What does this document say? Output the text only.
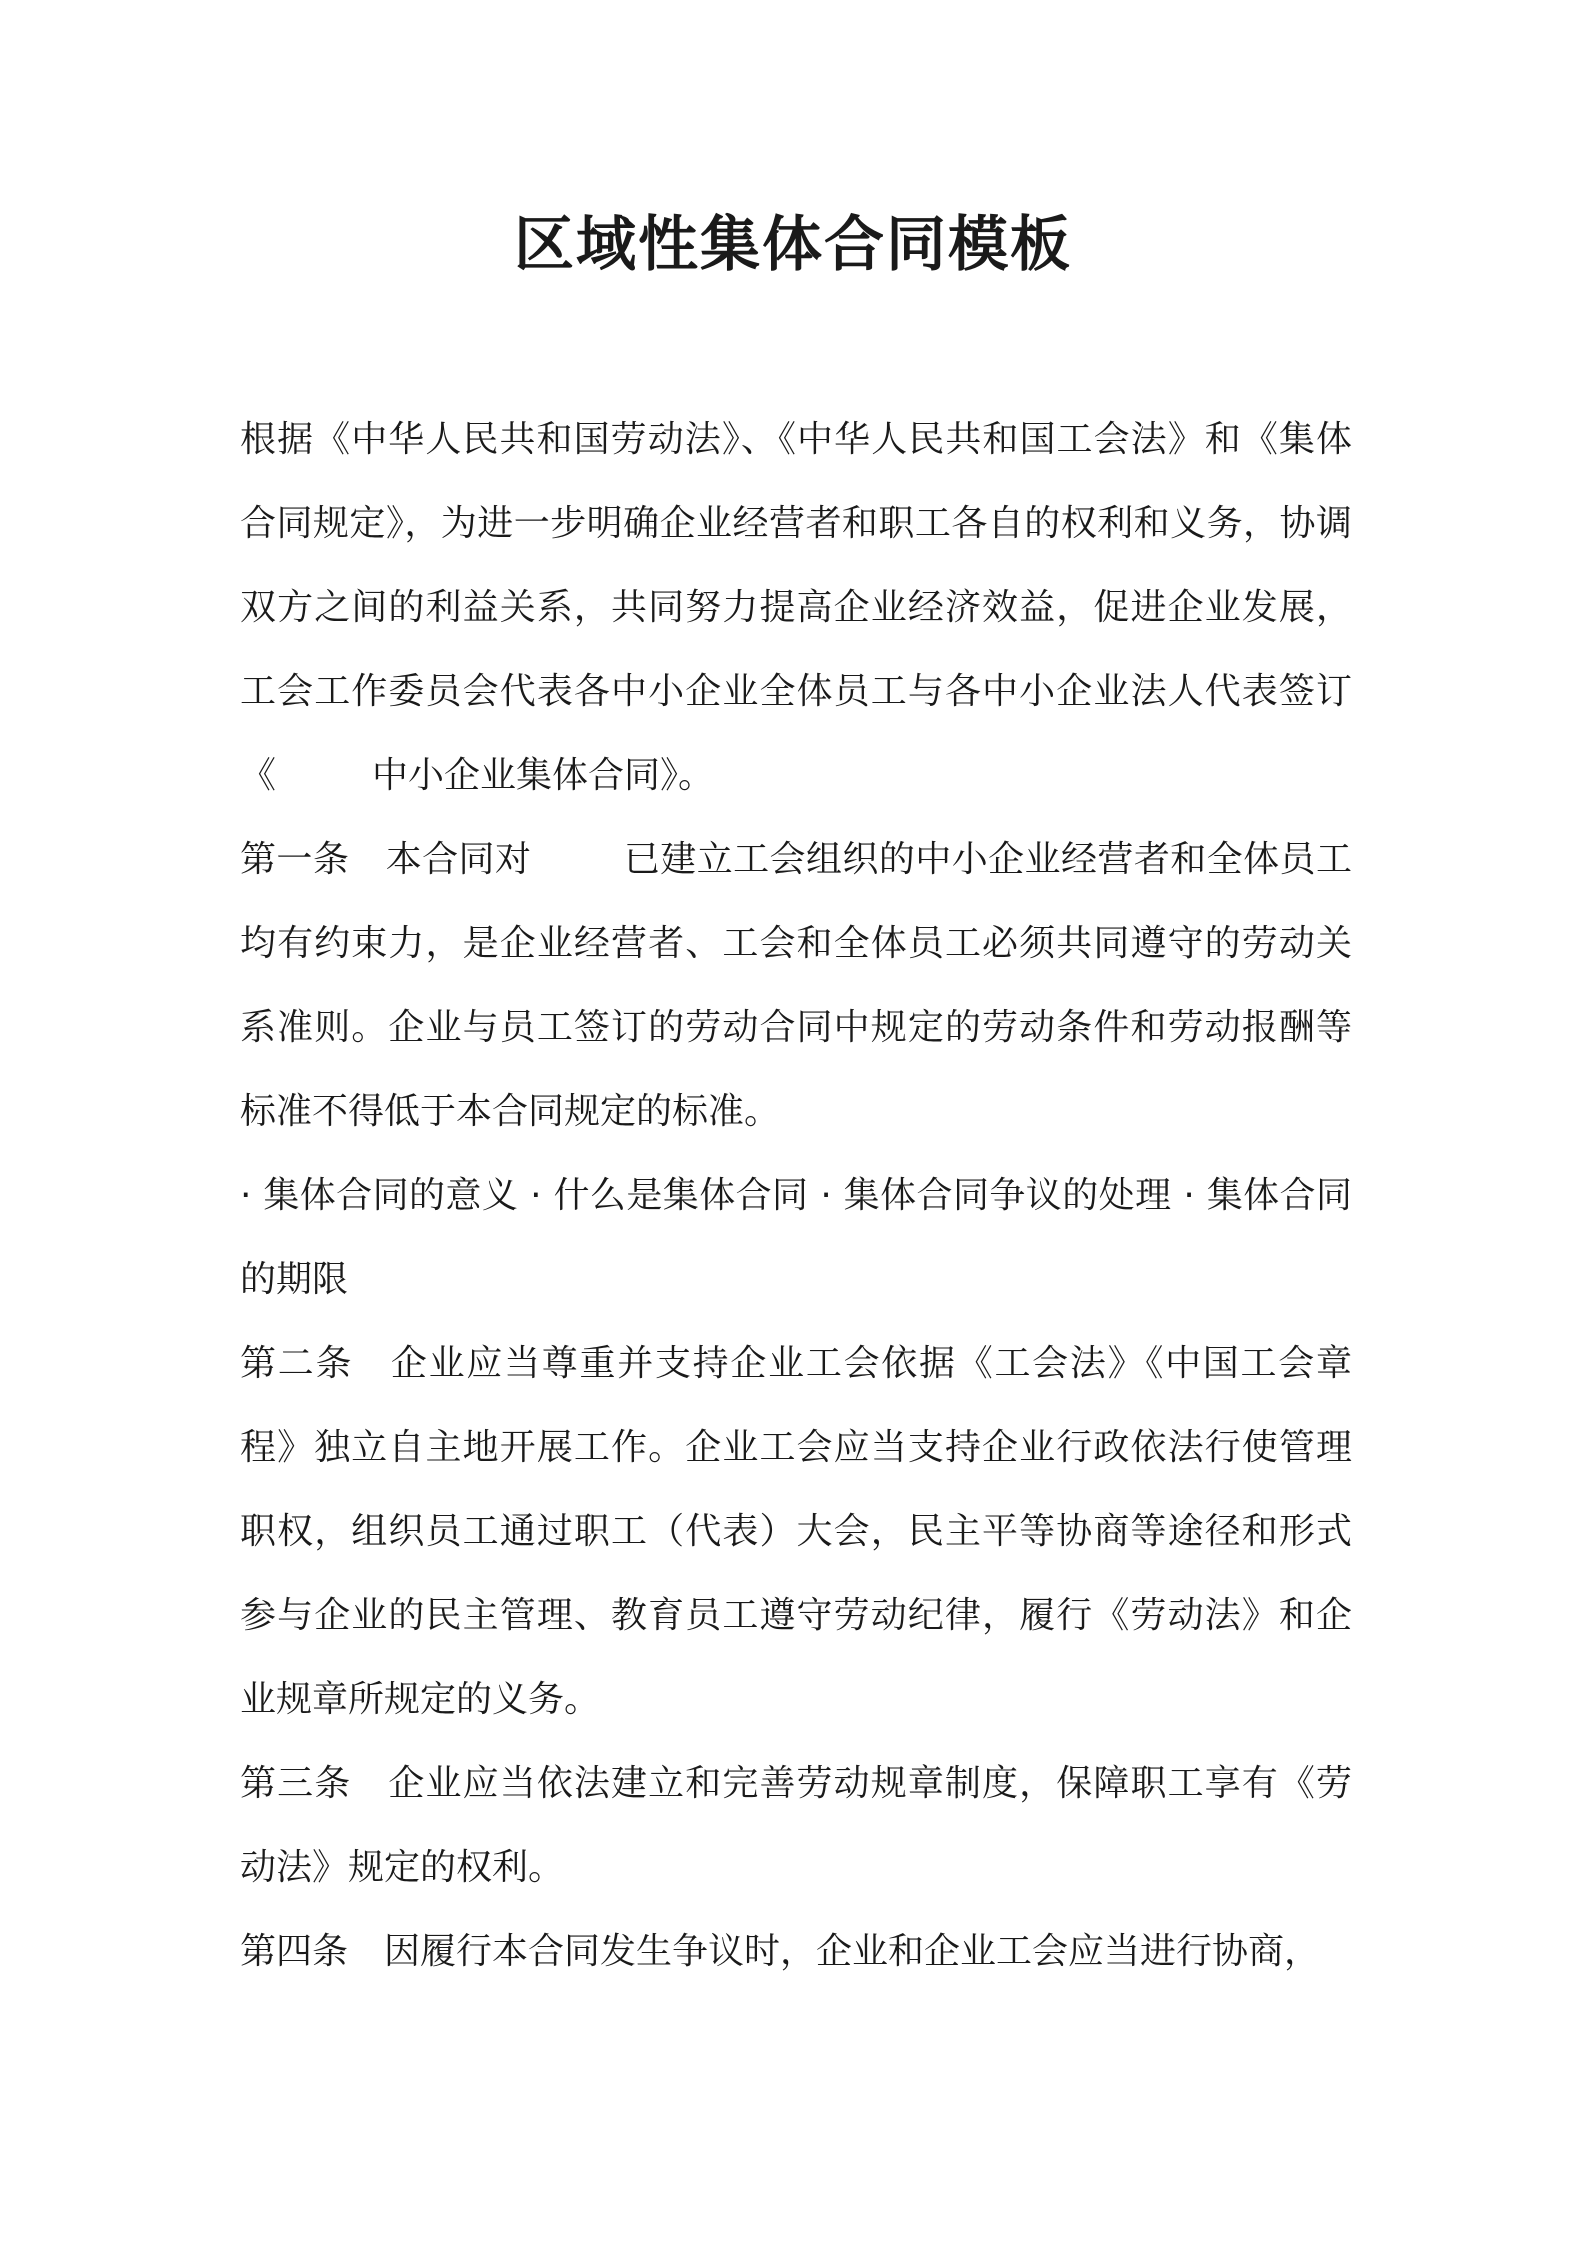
区域性集体合同模板

根据《中华人民共和国劳动法》、《中华人民共和国工会法》和《集体合同规定》，为进一步明确企业经营者和职工各自的权利和义务，协调双方之间的利益关系，共同努力提高企业经济效益，促进企业发展，工会工作委员会代表各中小企业全体员工与各中小企业法人代表签订《	中小企业集体合同》。

第一条 本合同对	已建立工会组织的中小企业经营者和全体员工均有约束力，是企业经营者、工会和全体员工必须共同遵守的劳动关系准则。企业与员工签订的劳动合同中规定的劳动条件和劳动报酬等标准不得低于本合同规定的标准。

· 集体合同的意义 · 什么是集体合同 · 集体合同争议的处理 · 集体合同的期限

第二条 企业应当尊重并支持企业工会依据《工会法》《中国工会章程》独立自主地开展工作。企业工会应当支持企业行政依法行使管理职权，组织员工通过职工（代表）大会，民主平等协商等途径和形式参与企业的民主管理、教育员工遵守劳动纪律，履行《劳动法》和企业规章所规定的义务。

第三条 企业应当依法建立和完善劳动规章制度，保障职工享有《劳动法》规定的权利。

第四条 因履行本合同发生争议时，企业和企业工会应当进行协商，
